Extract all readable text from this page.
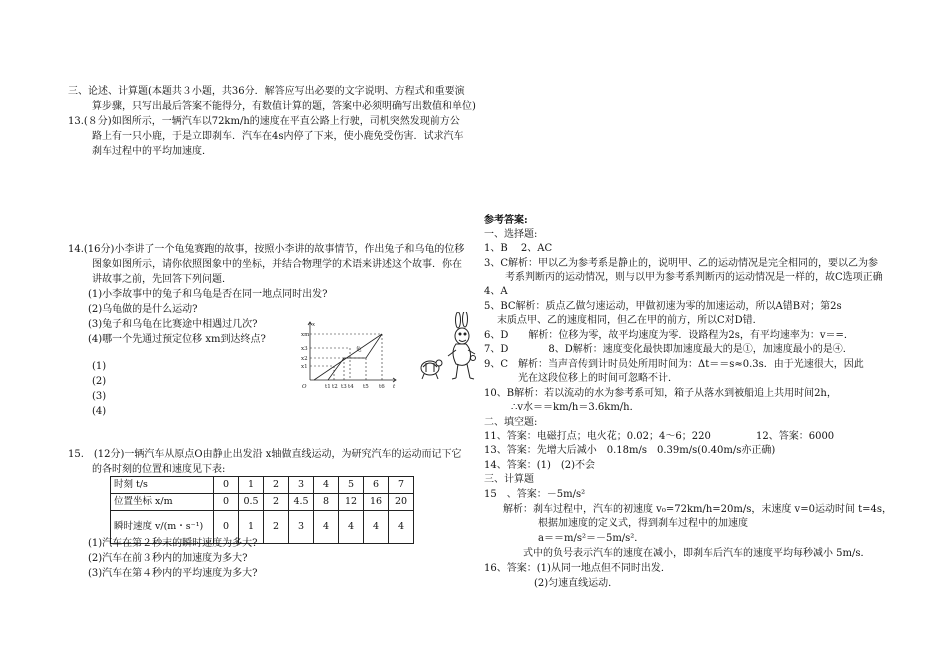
三、论述、计算题(本题共３小题，共36分．解答应写出必要的文字说明、方程式和重要演
算步骤，只写出最后答案不能得分，有数值计算的题，答案中必须明确写出数值和单位)
13.(８分)如图所示，一辆汽车以72km/h的速度在平直公路上行驶，司机突然发现前方公
路上有一只小鹿，于是立即刹车．汽车在4s内停了下来，使小鹿免受伤害．试求汽车
刹车过程中的平均加速度．
14.(16分)小李讲了一个龟兔赛跑的故事，按照小李讲的故事情节，作出兔子和乌龟的位移
图象如图所示，请你依照图象中的坐标，并结合物理学的术语来讲述这个故事．你在
讲故事之前，先回答下列问题．
(1)小李故事中的兔子和乌龟是否在同一地点同时出发?
(2)乌龟做的是什么运动?
(3)兔子和乌龟在比赛途中相遇过几次?
(4)哪一个先通过预定位移 xm到达终点?
(1)
(2)
(3)
(4)
x
xm
x3
x2
x1
O	t1 t2 t3 t4 t5 t6 t
龟
15.　(12分)一辆汽车从原点O由静止出发沿 x轴做直线运动，为研究汽车的运动而记下它
的各时刻的位置和速度见下表:
时刻 t/s	0	1	2	3	4	5	6	7
位置坐标 x/m	0	0.5	2	4.5	8	12	16	20
瞬时速度 v/(m・s⁻¹)	0	1	2	3	4	4	4	4
(1)汽车在第２秒末的瞬时速度为多大?
(2)汽车在前３秒内的加速度为多大?
(3)汽车在第４秒内的平均速度为多大?
参考答案:
一、选择题:
1、B　 2、AC
3、C解析：甲以乙为参考系是静止的，说明甲、乙的运动情况是完全相同的，要以乙为参
考系判断丙的运动情况，则与以甲为参考系判断丙的运动情况是一样的，故C选项正确
4、A
5、BC解析：质点乙做匀速运动，甲做初速为零的加速运动，所以A错B对；第2s
末质点甲、乙的速度相同，但乙在甲的前方，所以C对D错．
6、D　　解析：位移为零，故平均速度为零．设路程为2s，有平均速率为：v＝=．
7、D　　　　8、D解析：速度变化最快即加速度最大的是①，加速度最小的是④．
9、C　解析：当声音传到计时员处所用时间为：Δt＝＝s≈0.3s．由于光速很大，因此
光在这段位移上的时间可忽略不计．
10、B解析：若以流动的水为参考系可知，箱子从落水到被船追上共用时间2h，
∴v水＝＝km/h＝3.6km/h．
二、填空题:
11、答案：电磁打点；电火花；0.02；4～6；220	12、答案：6000
13、答案：先增大后减小　0.18m/s　0.39m/s(0.40m/s亦正确)
14、答案：(1)　(2)不会
三、计算题
15　、答案：－5m/s²
解析：刹车过程中，汽车的初速度 v₀=72km/h=20m/s，末速度 v=0运动时间 t=4s，
根据加速度的定义式，得到刹车过程中的加速度
a＝＝m/s²＝－5m/s²．
式中的负号表示汽车的速度在减小，即刹车后汽车的速度平均每秒减小 5m/s．
16、答案：(1)从同一地点但不同时出发．
(2)匀速直线运动．
